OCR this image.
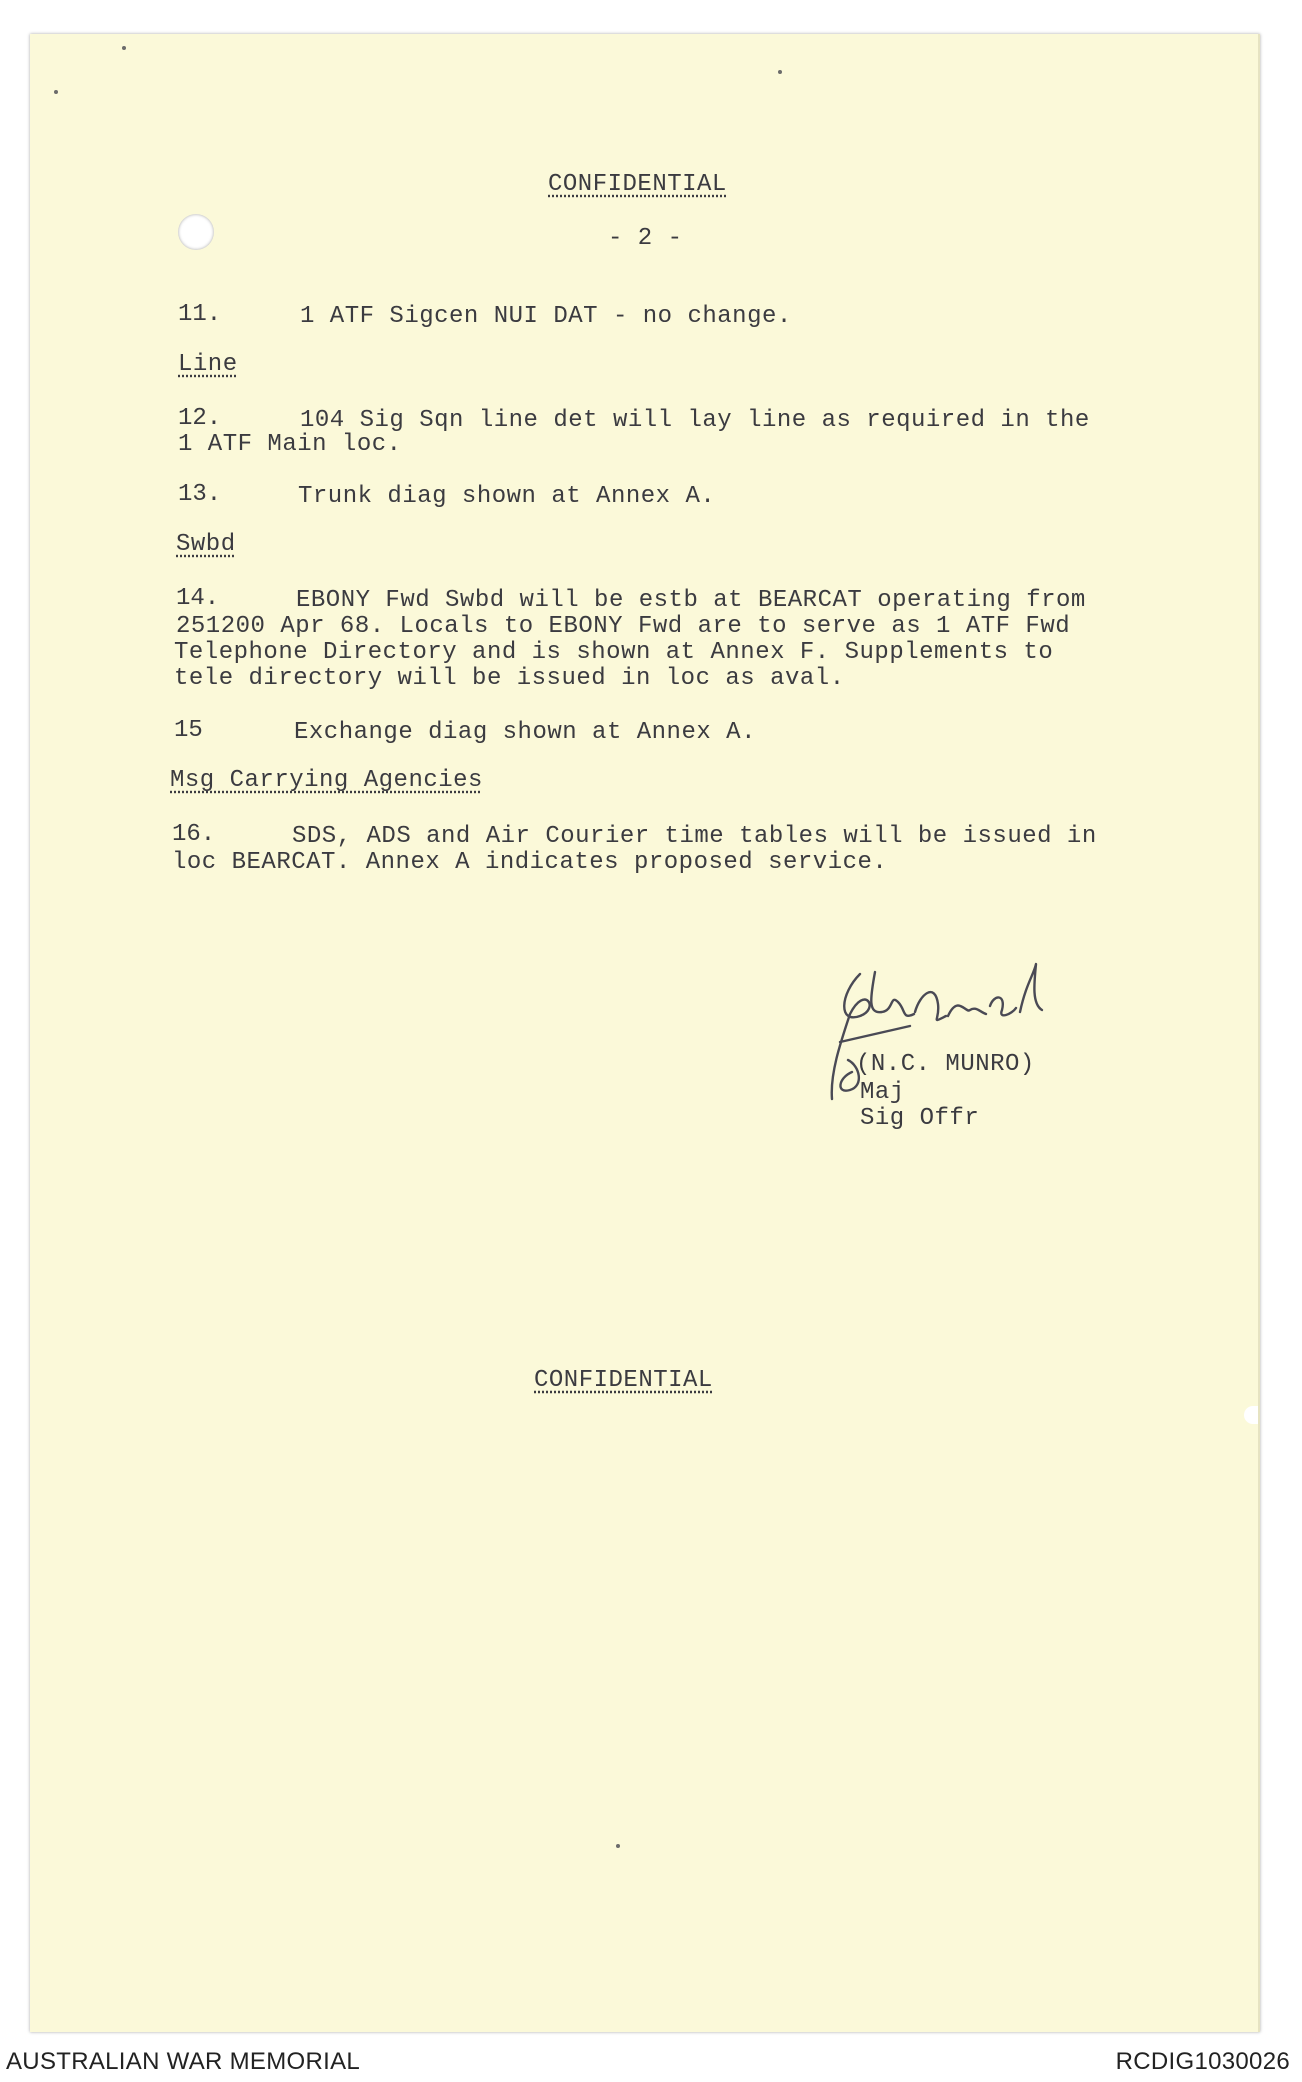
CONFIDENTIAL
- 2 -
11.	1 ATF Sigcen NUI DAT - no change.
Line
12.	104 Sig Sqn line det will lay line as required in the
1 ATF Main loc.
13.	Trunk diag shown at Annex A.
Swbd
14.	EBONY Fwd Swbd will be estb at BEARCAT operating from
251200 Apr 68. Locals to EBONY Fwd are to serve as 1 ATF Fwd
Telephone Directory and is shown at Annex F. Supplements to
tele directory will be issued in loc as aval.
15	Exchange diag shown at Annex A.
Msg Carrying Agencies
16.	SDS, ADS and Air Courier time tables will be issued in
loc BEARCAT. Annex A indicates proposed service.
(N.C. MUNRO)
Maj
Sig Offr
CONFIDENTIAL
AUSTRALIAN WAR MEMORIAL	RCDIG1030026
